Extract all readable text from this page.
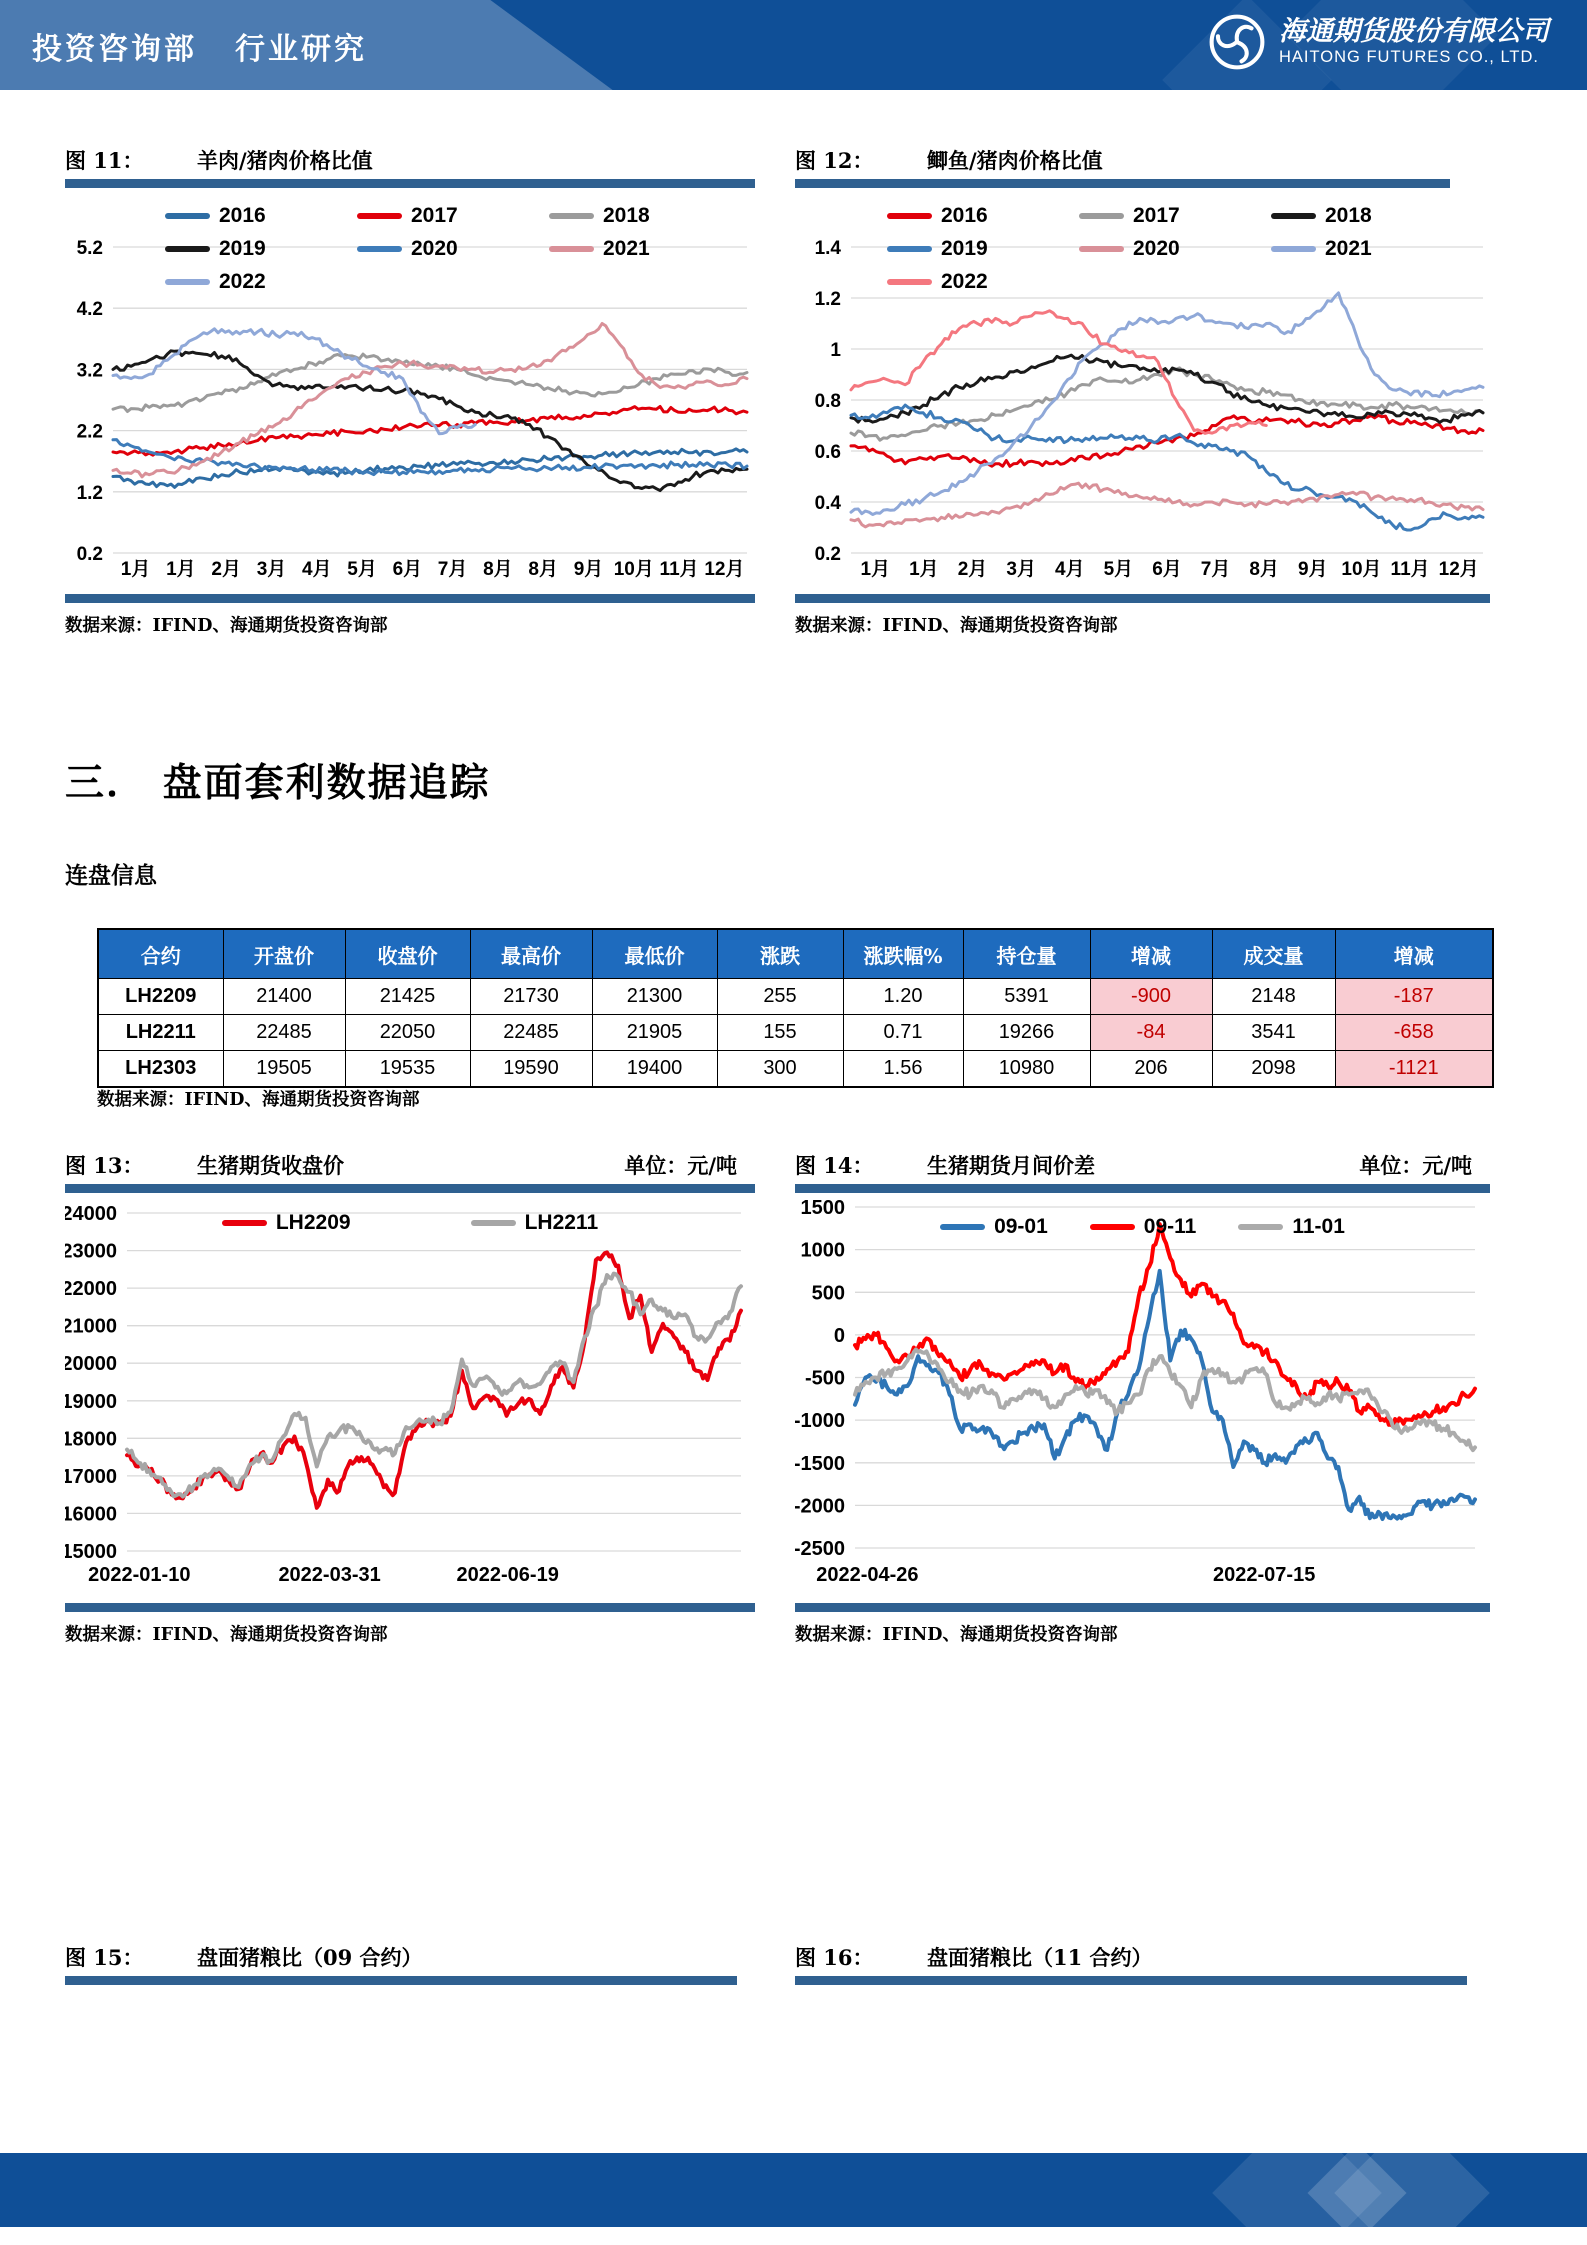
投资咨询部 行业研究
海通期货股份有限公司
HAITONG FUTURES CO., LTD.
图 11：	羊肉/猪肉价格比值
5.2
4.2
3.2
2.2
1.2
0.2
1月 1月 2月 3月 4月 5月 6月 7月 8月 8月 9月 10月 11月 12月
2016	2017	2018
2019	2020	2021
2022
数据来源：IFIND、海通期货投资咨询部
图 12：	鲫鱼/猪肉价格比值
1.4
1.2
1
0.8
0.6
0.4
0.2
1月 1月 2月 3月 4月 5月 6月 7月 8月 9月 10月 11月 12月
2016	2017	2018
2019	2020	2021
2022
数据来源：IFIND、海通期货投资咨询部
三． 盘面套利数据追踪
连盘信息
合约	开盘价	收盘价	最高价	最低价	涨跌	涨跌幅%	持仓量	增减	成交量	增减
LH2209	21400	21425	21730	21300	255	1.20	5391	-900	2148	-187
LH2211	22485	22050	22485	21905	155	0.71	19266	-84	3541	-658
LH2303	19505	19535	19590	19400	300	1.56	10980	206	2098	-1121
数据来源：IFIND、海通期货投资咨询部
图 13：	生猪期货收盘价	单位：元/吨
24000
23000
22000
21000
20000
19000
18000
17000
16000
15000
2022-01-10	2022-03-31	2022-06-19
LH2209	LH2211
数据来源：IFIND、海通期货投资咨询部
图 14：	生猪期货月间价差	单位：元/吨
1500
1000
500
0
-500
-1000
-1500
-2000
-2500
2022-04-26	2022-07-15
09-01	09-11	11-01
数据来源：IFIND、海通期货投资咨询部
图 15：	盘面猪粮比（09 合约）	图 16：	盘面猪粮比（11 合约）
